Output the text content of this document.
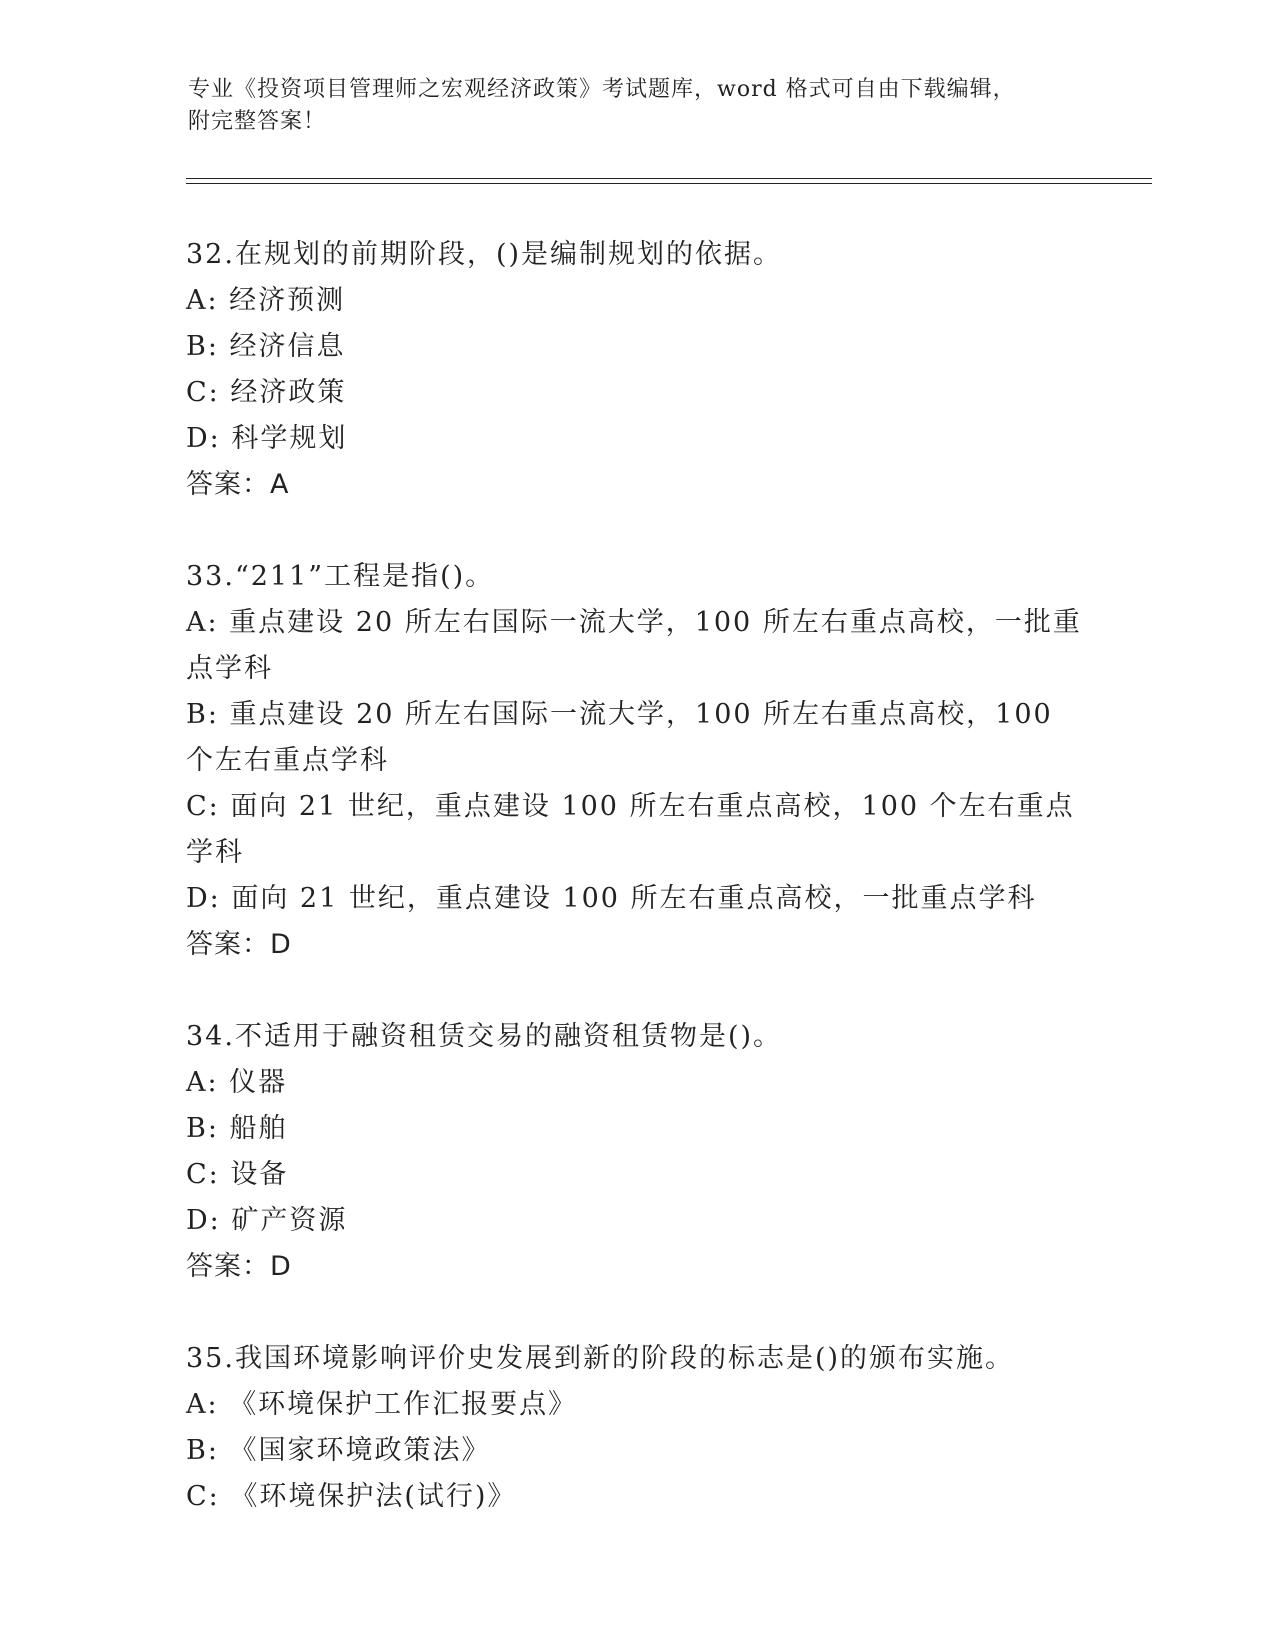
专业《投资项目管理师之宏观经济政策》考试题库，word 格式可自由下载编辑，
附完整答案！
32.在规划的前期阶段，()是编制规划的依据。
A: 经济预测
B: 经济信息
C: 经济政策
D: 科学规划
答案：A
33.“211”工程是指()。
A: 重点建设 20 所左右国际一流大学，100 所左右重点高校，一批重点学科
B: 重点建设 20 所左右国际一流大学，100 所左右重点高校，100 个左右重点学科
C: 面向 21 世纪，重点建设 100 所左右重点高校，100 个左右重点学科
D: 面向 21 世纪，重点建设 100 所左右重点高校，一批重点学科
答案：D
34.不适用于融资租赁交易的融资租赁物是()。
A: 仪器
B: 船舶
C: 设备
D: 矿产资源
答案：D
35.我国环境影响评价史发展到新的阶段的标志是()的颁布实施。
A: 《环境保护工作汇报要点》
B: 《国家环境政策法》
C: 《环境保护法(试行)》
